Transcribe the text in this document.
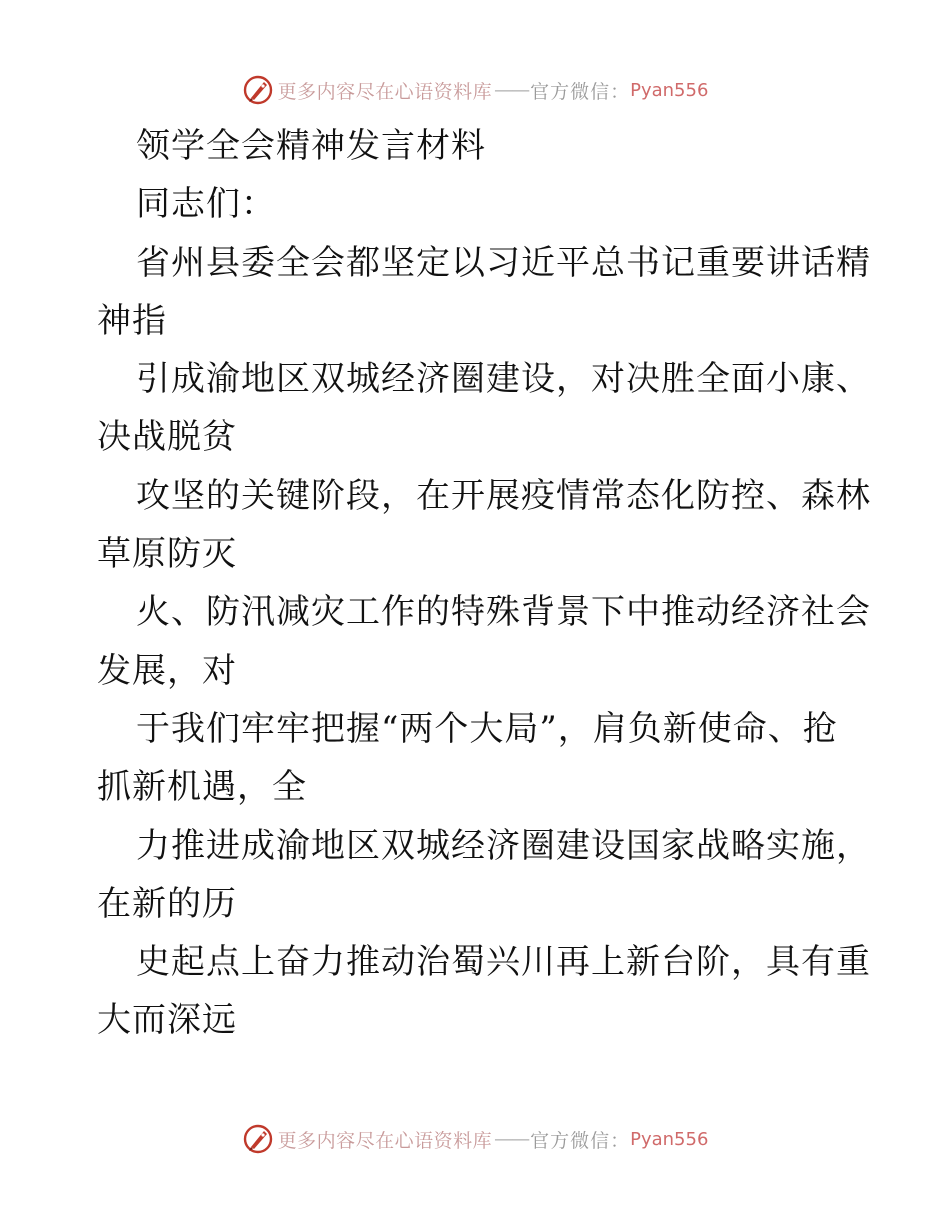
更多内容尽在心语资料库 —— 官方微信： Pyan556
领学全会精神发言材料
同志们：
省州县委全会都坚定以习近平总书记重要讲话精
神指
引成渝地区双城经济圈建设，对决胜全面小康、
决战脱贫
攻坚的关键阶段，在开展疫情常态化防控、森林
草原防灭
火、防汛减灾工作的特殊背景下中推动经济社会
发展，对
于我们牢牢把握“两个大局”，肩负新使命、抢
抓新机遇，全
力推进成渝地区双城经济圈建设国家战略实施，
在新的历
史起点上奋力推动治蜀兴川再上新台阶，具有重
大而深远
更多内容尽在心语资料库 —— 官方微信： Pyan556
